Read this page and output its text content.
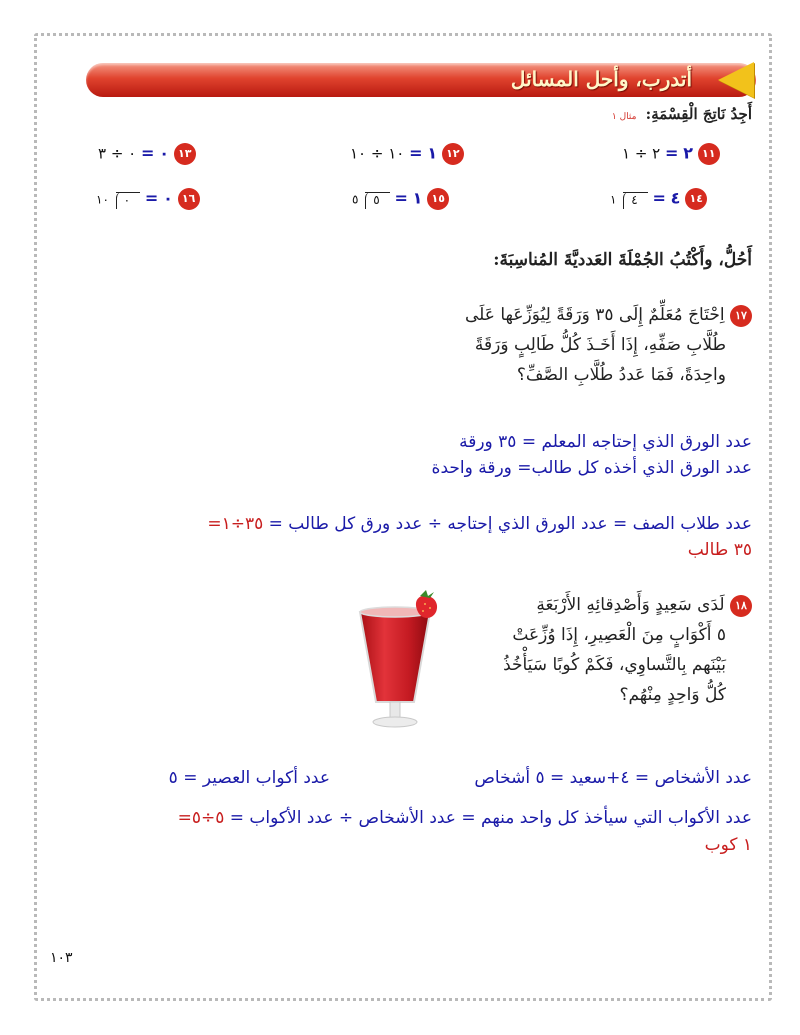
أتدرب، وأحل المسائل
أَجِدُ نَاتِجَ الْقِسْمَةِ: مثال ١
٢ = ٢ ÷ ١	١١
١ = ١٠ ÷ ١٠	١٢
٠ = ٠ ÷ ٣	١٣
٤ =
٤ ١	١٤
١ =
٥ ٥	١٥
٠ =
٠ ١٠	١٦
أَحُلُّ، وأَكْتُبُ الجُمْلَةَ العَدديَّةَ المُناسِبَةَ:
١٧ اِحْتَاجَ مُعَلِّمٌ إِلَى ٣٥ وَرَقَةً لِيُوَزِّعَها عَلَى
طُلَّابِ صَفِّهِ، إِذَا أَخَـذَ كُلُّ طَالِبٍ وَرَقَةً
واحِدَةً، فَمَا عَددُ طُلَّابِ الصَّفِّ؟
عدد الورق الذي إحتاجه المعلم = ٣٥ ورقة
عدد الورق الذي أخذه كل طالب= ورقة واحدة
عدد طلاب الصف = عدد الورق الذي إحتاجه ÷ عدد ورق كل طالب = ٣٥÷١=
٣٥ طالب
١٨ لَدَى سَعِيدٍ وَأَصْدِقائِهِ الأَرْبَعَةِ
٥ أَكْوَابٍ مِنَ الْعَصِيرِ، إِذَا وُزِّعَتْ
بَيْنَهم بِالتَّساوِي، فَكَمْ كُوبًا سَيَأْخُذُ
كُلُّ وَاحِدٍ مِنْهُم؟
عدد الأشخاص = ٤+سعيد = ٥ أشخاص
عدد أكواب العصير = ٥
عدد الأكواب التي سيأخذ كل واحد منهم = عدد الأشخاص ÷ عدد الأكواب = ٥÷٥=
١ كوب
١٠٣
